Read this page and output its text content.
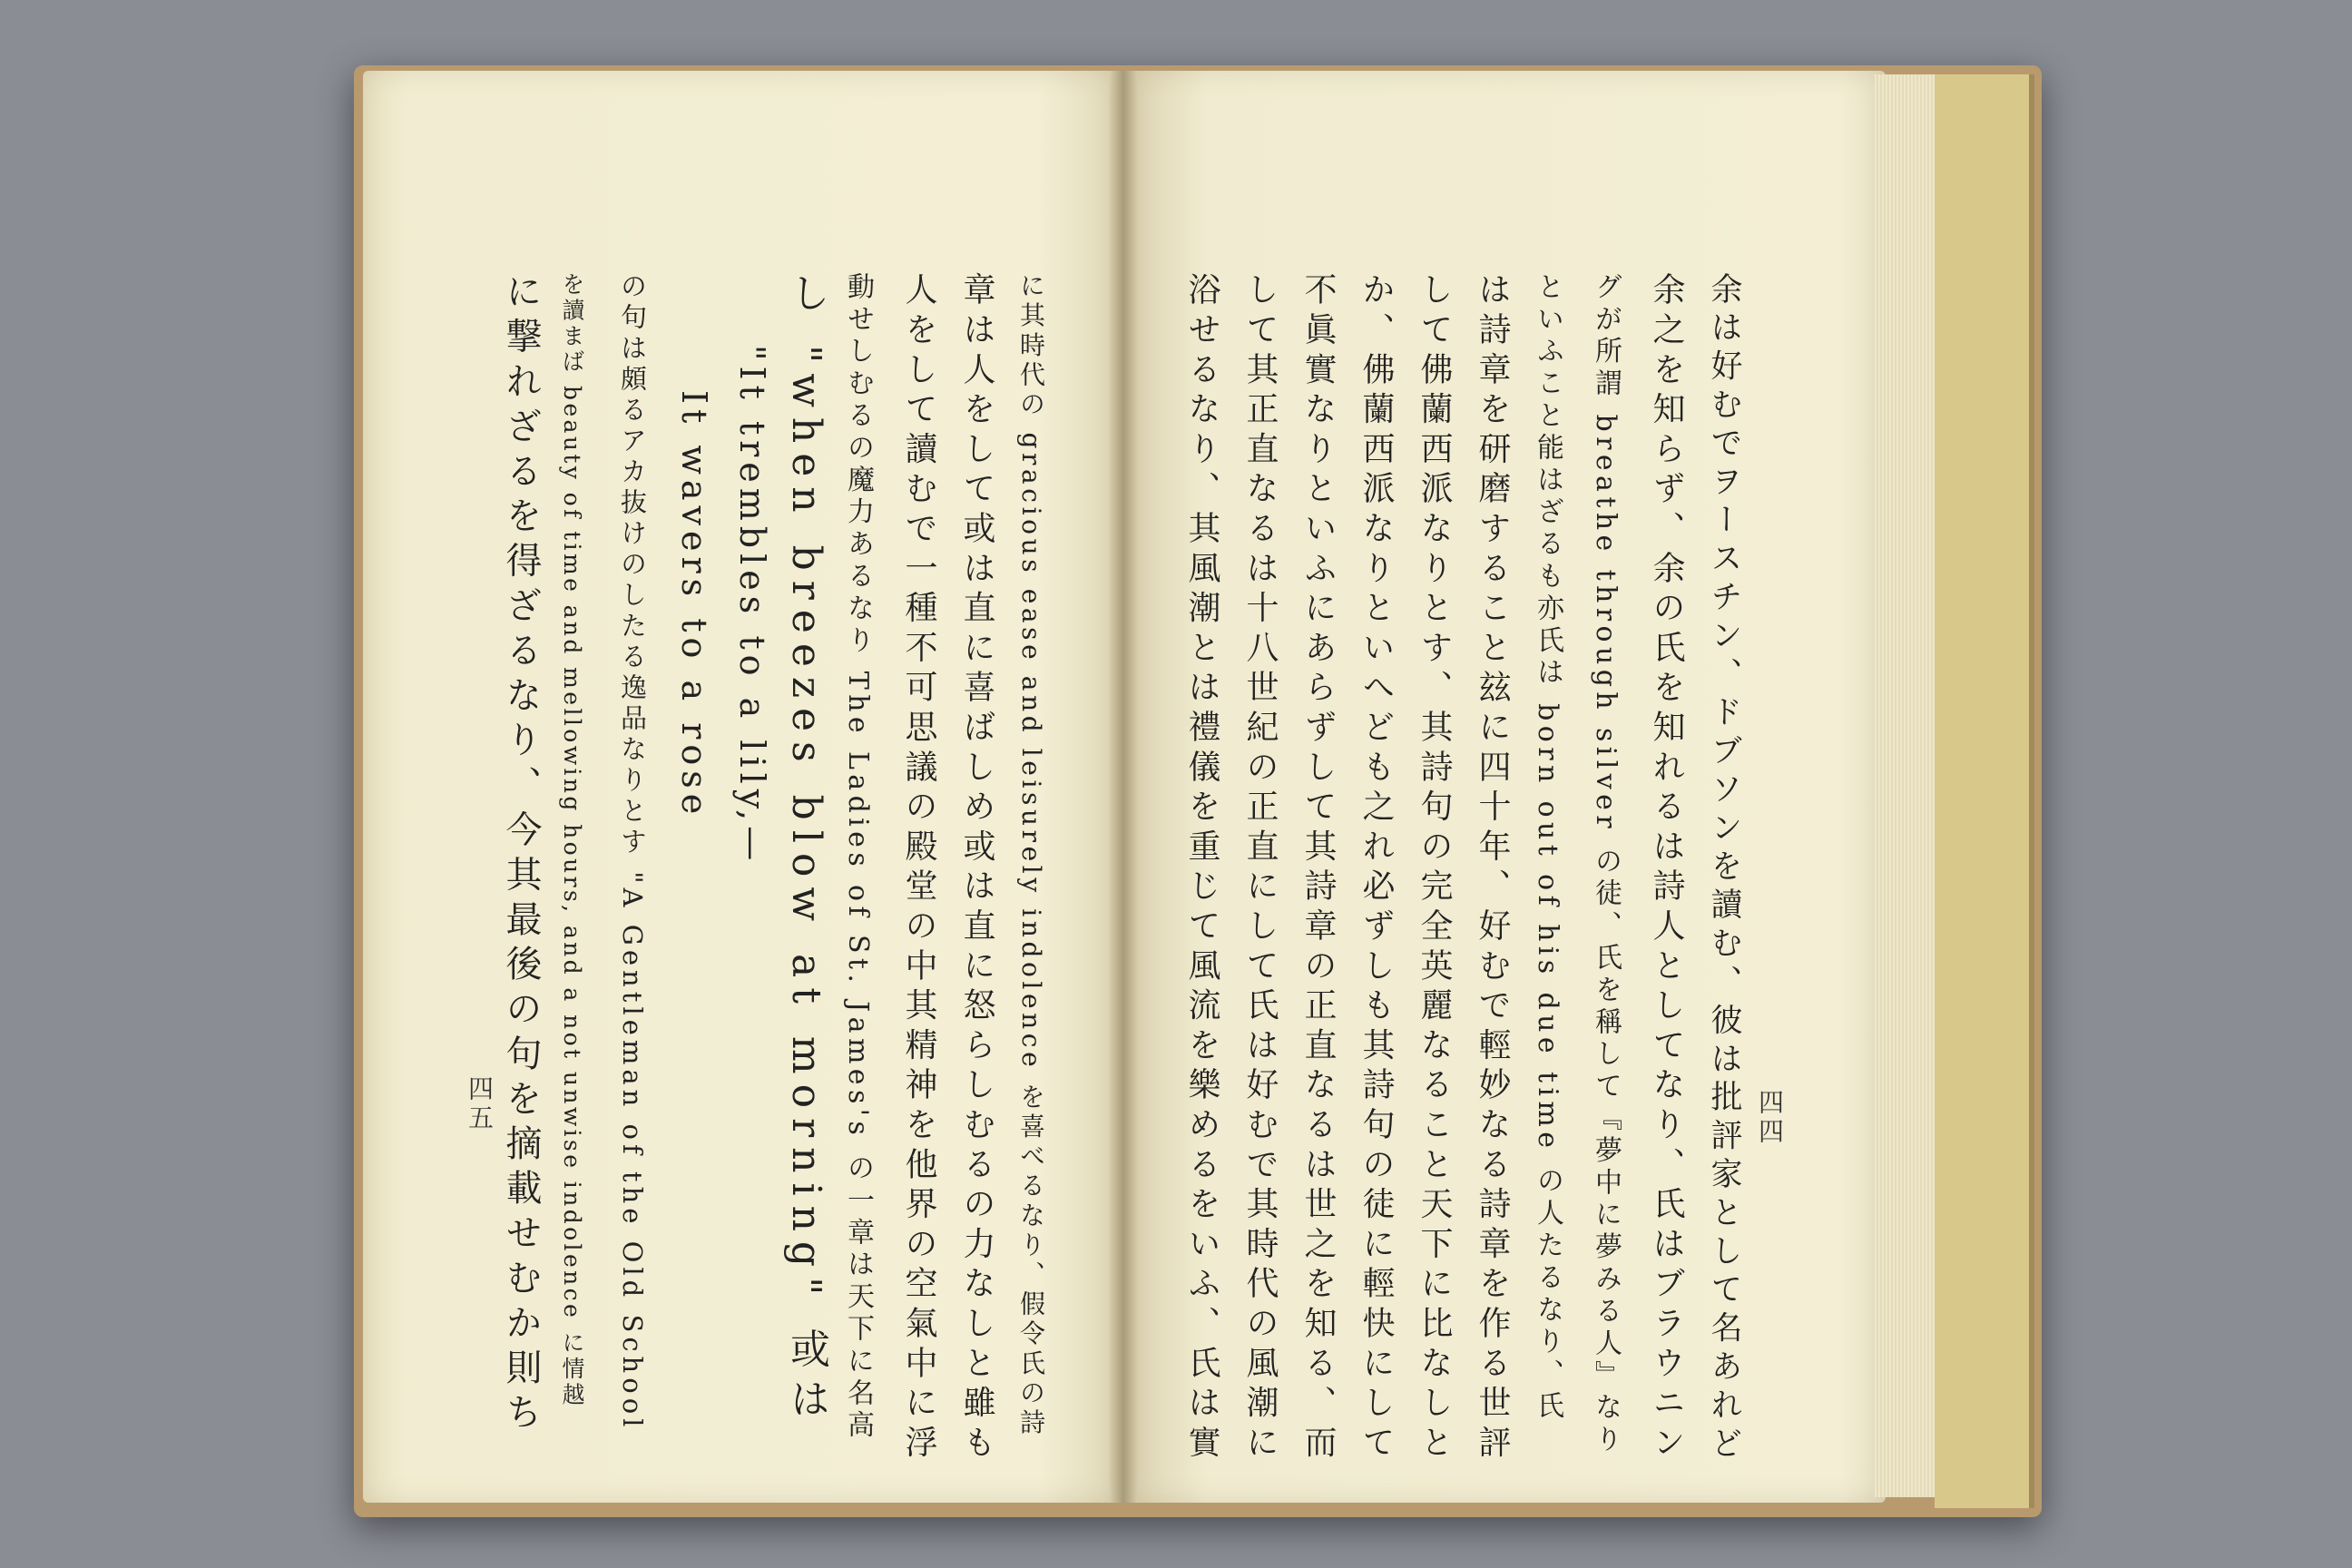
四四
余は好むでヲースチン、ドブソンを讀む、彼は批評家として名あれど
余之を知らず、余の氏を知れるは詩人としてなり、氏はブラウニン
グが所謂 breathe through silver の徒、氏を稱して『夢中に夢みる人』なり
といふこと能はざるも亦氏は born out of his due time の人たるなり、氏
は詩章を研磨すること玆に四十年、好むで輕妙なる詩章を作る世評
して佛蘭西派なりとす、其詩句の完全英麗なること天下に比なしと
か、佛蘭西派なりといへども之れ必ずしも其詩句の徒に輕快にして
不眞實なりといふにあらずして其詩章の正直なるは世之を知る、而
して其正直なるは十八世紀の正直にして氏は好むで其時代の風潮に
浴せるなり、其風潮とは禮儀を重じて風流を樂めるをいふ、氏は實
に其時代の gracious ease and leisurely indolence を喜べるなり、假令氏の詩
章は人をして或は直に喜ばしめ或は直に怒らしむるの力なしと雖も
人をして讀むで一種不可思議の殿堂の中其精神を他界の空氣中に浮
動せしむるの魔力あるなり The Ladies of St. James's の一章は天下に名高
し "when breezes blow at morning" 或は
"It trembles to a lily,—
It wavers to a rose
の句は頗るアカ抜けのしたる逸品なりとす "A Gentleman of the Old School
を讀まば beauty of time and mellowing hours, and a not unwise indolence に情越
に撃れざるを得ざるなり、今其最後の句を摘載せむか則ち
四五
